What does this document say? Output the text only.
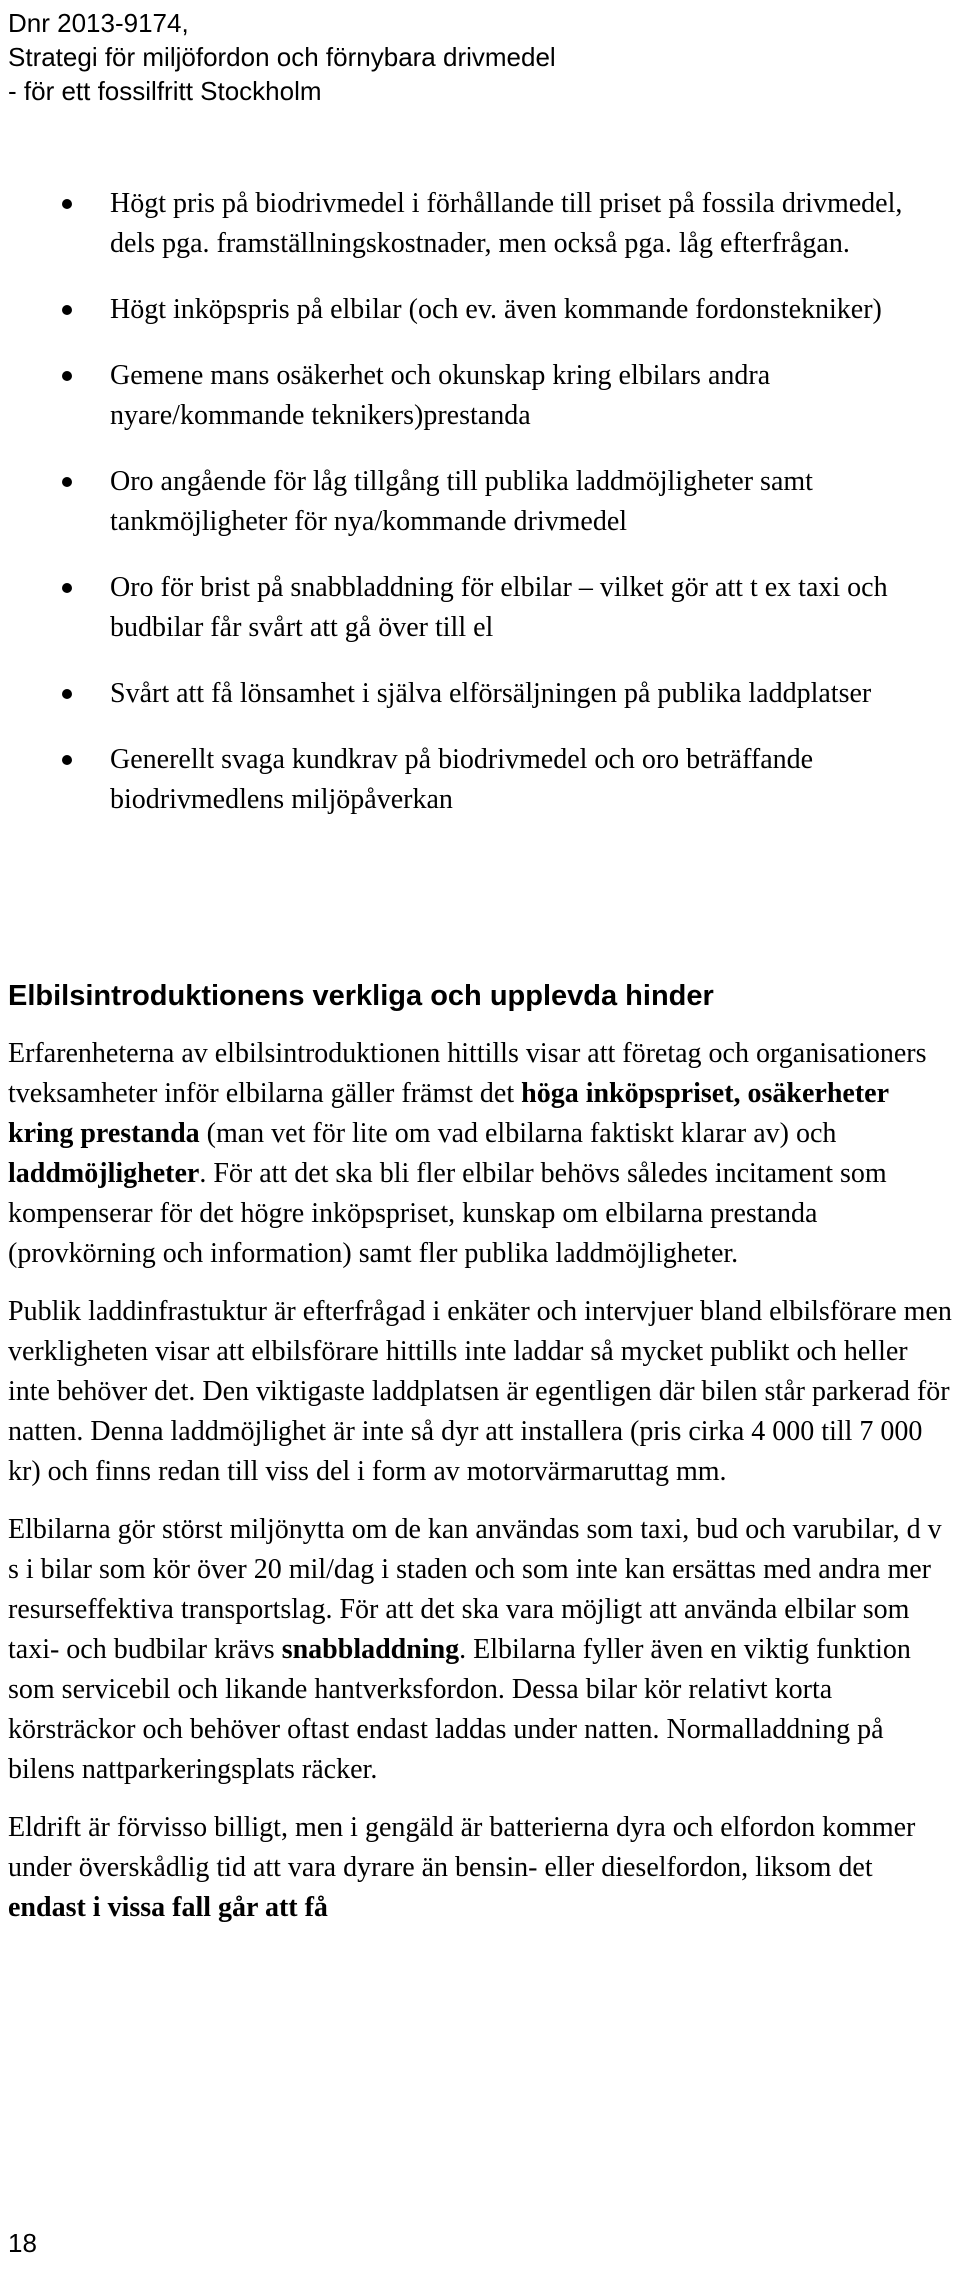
Dnr 2013-9174,
Strategi för miljöfordon och förnybara drivmedel
- för ett fossilfritt Stockholm
Högt pris på biodrivmedel i förhållande till priset på fossila drivmedel, dels pga. framställningskostnader, men också pga. låg efterfrågan.
Högt inköpspris på elbilar (och ev. även kommande fordonstekniker)
Gemene mans osäkerhet och okunskap kring elbilars andra nyare/kommande teknikers)prestanda
Oro angående för låg tillgång till publika laddmöjligheter samt tankmöjligheter för nya/kommande drivmedel
Oro för brist på snabbladdning för elbilar – vilket gör att t ex taxi och budbilar får svårt att gå över till el
Svårt att få lönsamhet i själva elförsäljningen på publika laddplatser
Generellt svaga kundkrav på biodrivmedel och oro beträffande biodrivmedlens miljöpåverkan
Elbilsintroduktionens verkliga och upplevda hinder

Erfarenheterna av elbilsintroduktionen hittills visar att företag och organisationers tveksamheter inför elbilarna gäller främst det höga inköpspriset, osäkerheter kring prestanda (man vet för lite om vad elbilarna faktiskt klarar av) och laddmöjligheter. För att det ska bli fler elbilar behövs således incitament som kompenserar för det högre inköpspriset, kunskap om elbilarna prestanda (provkörning och information) samt fler publika laddmöjligheter.

Publik laddinfrastuktur är efterfrågad i enkäter och intervjuer bland elbilsförare men verkligheten visar att elbilsförare hittills inte laddar så mycket publikt och heller inte behöver det. Den viktigaste laddplatsen är egentligen där bilen står parkerad för natten. Denna laddmöjlighet är inte så dyr att installera (pris cirka 4 000 till 7 000 kr) och finns redan till viss del i form av motorvärmaruttag mm.

Elbilarna gör störst miljönytta om de kan användas som taxi, bud och varubilar, d v s i bilar som kör över 20 mil/dag i staden och som inte kan ersättas med andra mer resurseffektiva transportslag. För att det ska vara möjligt att använda elbilar som taxi- och budbilar krävs snabbladdning. Elbilarna fyller även en viktig funktion som servicebil och likande hantverksfordon. Dessa bilar kör relativt korta körsträckor och behöver oftast endast laddas under natten. Normalladdning på bilens nattparkeringsplats räcker.

Eldrift är förvisso billigt, men i gengäld är batterierna dyra och elfordon kommer under överskådlig tid att vara dyrare än bensin- eller dieselfordon, liksom det endast i vissa fall går att få

18
